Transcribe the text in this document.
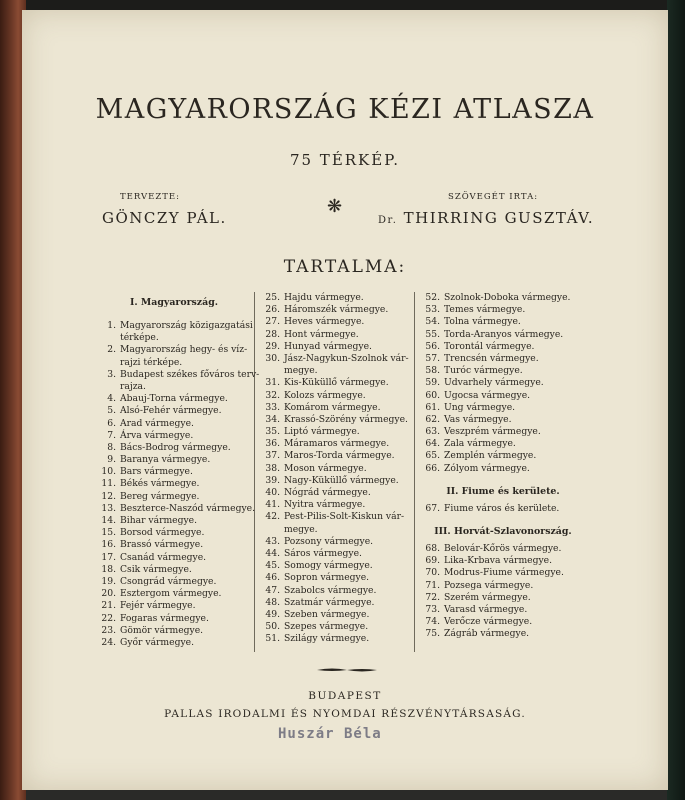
MAGYARORSZÁG KÉZI ATLASZA
75 TÉRKÉP.
TERVEZTE:
GÖNCZY PÁL.
❋	SZÖVEGÉT IRTA:
Dr. THIRRING GUSZTÁV.
TARTALMA:
I. Magyarország.
1. Magyarország közigazgatási
térképe.
2. Magyarország hegy- és víz-
rajzi térképe.
3. Budapest székes főváros terv-
rajza.
4. Abauj-Torna vármegye.
5. Alsó-Fehér vármegye.
6. Arad vármegye.
7. Árva vármegye.
8. Bács-Bodrog vármegye.
9. Baranya vármegye.
10. Bars vármegye.
11. Békés vármegye.
12. Bereg vármegye.
13. Beszterce-Naszód vármegye.
14. Bihar vármegye.
15. Borsod vármegye.
16. Brassó vármegye.
17. Csanád vármegye.
18. Csik vármegye.
19. Csongrád vármegye.
20. Esztergom vármegye.
21. Fejér vármegye.
22. Fogaras vármegye.
23. Gömör vármegye.
24. Győr vármegye.
25. Hajdu vármegye.
26. Háromszék vármegye.
27. Heves vármegye.
28. Hont vármegye.
29. Hunyad vármegye.
30. Jász-Nagykun-Szolnok vár-
megye.
31. Kis-Küküllő vármegye.
32. Kolozs vármegye.
33. Komárom vármegye.
34. Krassó-Szörény vármegye.
35. Liptó vármegye.
36. Máramaros vármegye.
37. Maros-Torda vármegye.
38. Moson vármegye.
39. Nagy-Küküllő vármegye.
40. Nógrád vármegye.
41. Nyitra vármegye.
42. Pest-Pilis-Solt-Kiskun vár-
megye.
43. Pozsony vármegye.
44. Sáros vármegye.
45. Somogy vármegye.
46. Sopron vármegye.
47. Szabolcs vármegye.
48. Szatmár vármegye.
49. Szeben vármegye.
50. Szepes vármegye.
51. Szilágy vármegye.
52. Szolnok-Doboka vármegye.
53. Temes vármegye.
54. Tolna vármegye.
55. Torda-Aranyos vármegye.
56. Torontál vármegye.
57. Trencsén vármegye.
58. Turóc vármegye.
59. Udvarhely vármegye.
60. Ugocsa vármegye.
61. Ung vármegye.
62. Vas vármegye.
63. Veszprém vármegye.
64. Zala vármegye.
65. Zemplén vármegye.
66. Zólyom vármegye.
II. Fiume és kerülete.
67. Fiume város és kerülete.
III. Horvát-Szlavonország.
68. Belovár-Kőrös vármegye.
69. Lika-Krbava vármegye.
70. Modrus-Fiume vármegye.
71. Pozsega vármegye.
72. Szerém vármegye.
73. Varasd vármegye.
74. Verőcze vármegye.
75. Zágráb vármegye.
BUDAPEST
PALLAS IRODALMI ÉS NYOMDAI RÉSZVÉNYTÁRSASÁG.
Huszár Béla
